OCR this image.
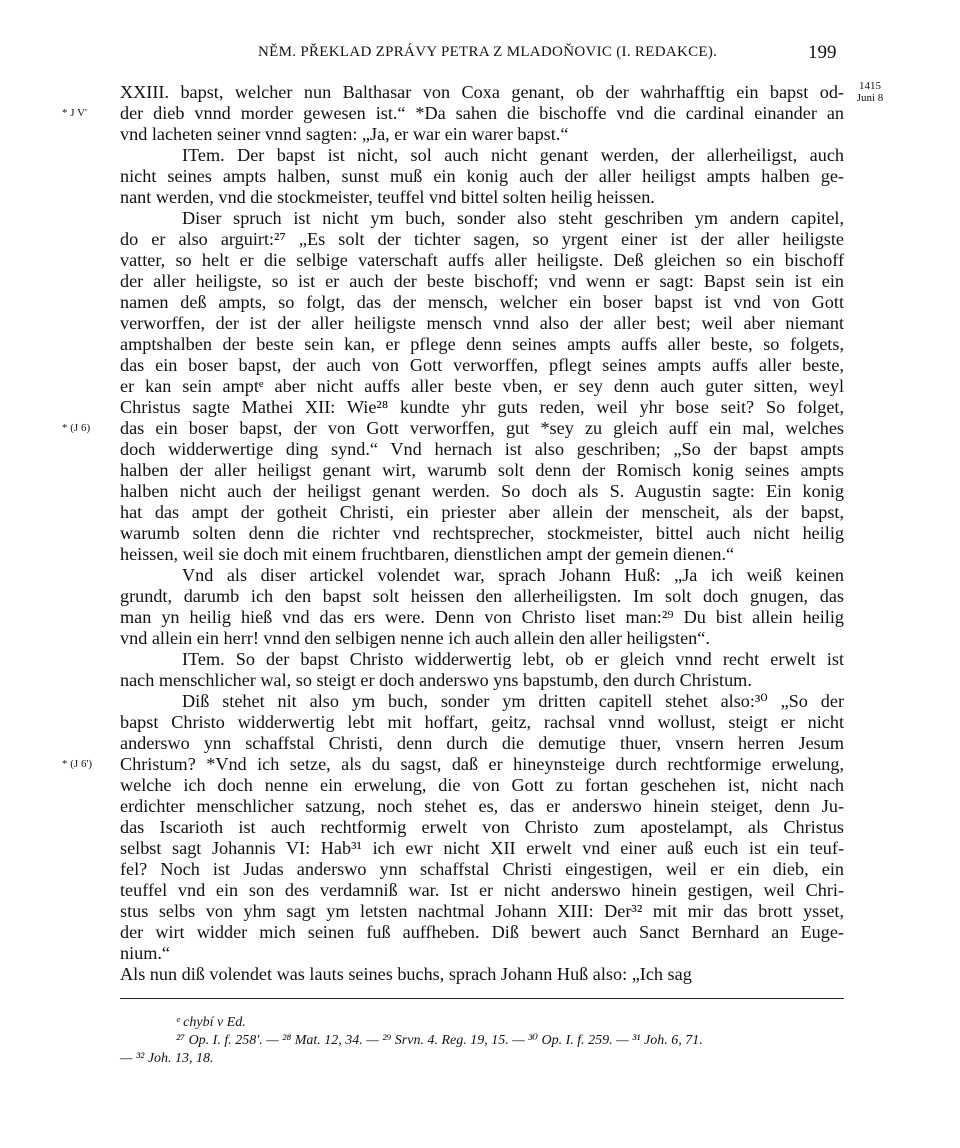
NĚM. PŘEKLAD ZPRÁVY PETRA Z MLADOŇOVIC (I. REDAKCE).	199
1415
Juni 8
* J V'
* (J 6)
* (J 6')
XXIII. bapst, welcher nun Balthasar von Coxa genant, ob der wahrhafftig ein bapst od-
der dieb vnnd morder gewesen ist.“ *Da sahen die bischoffe vnd die cardinal einander an
vnd lacheten seiner vnnd sagten: „Ja, er war ein warer bapst.“
ITem. Der bapst ist nicht, sol auch nicht genant werden, der allerheiligst, auch
nicht seines ampts halben, sunst muß ein konig auch der aller heiligst ampts halben ge-
nant werden, vnd die stockmeister, teuffel vnd bittel solten heilig heissen.
Diser spruch ist nicht ym buch, sonder also steht geschriben ym andern capitel,
do er also arguirt:²⁷ „Es solt der tichter sagen, so yrgent einer ist der aller heiligste
vatter, so helt er die selbige vaterschaft auffs aller heiligste. Deß gleichen so ein bischoff
der aller heiligste, so ist er auch der beste bischoff; vnd wenn er sagt: Bapst sein ist ein
namen deß ampts, so folgt, das der mensch, welcher ein boser bapst ist vnd von Gott
verworffen, der ist der aller heiligste mensch vnnd also der aller best; weil aber niemant
amptshalben der beste sein kan, er pflege denn seines ampts auffs aller beste, so folgets,
das ein boser bapst, der auch von Gott verworffen, pflegt seines ampts auffs aller beste,
er kan sein amptᵉ aber nicht auffs aller beste vben, er sey denn auch guter sitten, weyl
Christus sagte Mathei XII: Wie²⁸ kundte yhr guts reden, weil yhr bose seit? So folget,
das ein boser bapst, der von Gott verworffen, gut *sey zu gleich auff ein mal, welches
doch widderwertige ding synd.“ Vnd hernach ist also geschriben; „So der bapst ampts
halben der aller heiligst genant wirt, warumb solt denn der Romisch konig seines ampts
halben nicht auch der heiligst genant werden. So doch als S. Augustin sagte: Ein konig
hat das ampt der gotheit Christi, ein priester aber allein der menscheit, als der bapst,
warumb solten denn die richter vnd rechtsprecher, stockmeister, bittel auch nicht heilig
heissen, weil sie doch mit einem fruchtbaren, dienstlichen ampt der gemein dienen.“
Vnd als diser artickel volendet war, sprach Johann Huß: „Ja ich weiß keinen
grundt, darumb ich den bapst solt heissen den allerheiligsten. Im solt doch gnugen, das
man yn heilig hieß vnd das ers were. Denn von Christo liset man:²⁹ Du bist allein heilig
vnd allein ein herr! vnnd den selbigen nenne ich auch allein den aller heiligsten“.
ITem. So der bapst Christo widderwertig lebt, ob er gleich vnnd recht erwelt ist
nach menschlicher wal, so steigt er doch anderswo yns bapstumb, den durch Christum.
Diß stehet nit also ym buch, sonder ym dritten capitell stehet also:³⁰ „So der
bapst Christo widderwertig lebt mit hoffart, geitz, rachsal vnnd wollust, steigt er nicht
anderswo ynn schaffstal Christi, denn durch die demutige thuer, vnsern herren Jesum
Christum? *Vnd ich setze, als du sagst, daß er hineynsteige durch rechtformige erwelung,
welche ich doch nenne ein erwelung, die von Gott zu fortan geschehen ist, nicht nach
erdichter menschlicher satzung, noch stehet es, das er anderswo hinein steiget, denn Ju-
das Iscarioth ist auch rechtformig erwelt von Christo zum apostelampt, als Christus
selbst sagt Johannis VI: Hab³¹ ich ewr nicht XII erwelt vnd einer auß euch ist ein teuf-
fel? Noch ist Judas anderswo ynn schaffstal Christi eingestigen, weil er ein dieb, ein
teuffel vnd ein son des verdamniß war. Ist er nicht anderswo hinein gestigen, weil Chri-
stus selbs von yhm sagt ym letsten nachtmal Johann XIII: Der³² mit mir das brott ysset,
der wirt widder mich seinen fuß auffheben. Diß bewert auch Sanct Bernhard an Euge-
nium.“
Als nun diß volendet was lauts seines buchs, sprach Johann Huß also: „Ich sag
ᵉ chybí v Ed.
²⁷ Op. I. f. 258'. — ²⁸ Mat. 12, 34. — ²⁹ Srvn. 4. Reg. 19, 15. — ³⁰ Op. I. f. 259. — ³¹ Joh. 6, 71.
— ³² Joh. 13, 18.
